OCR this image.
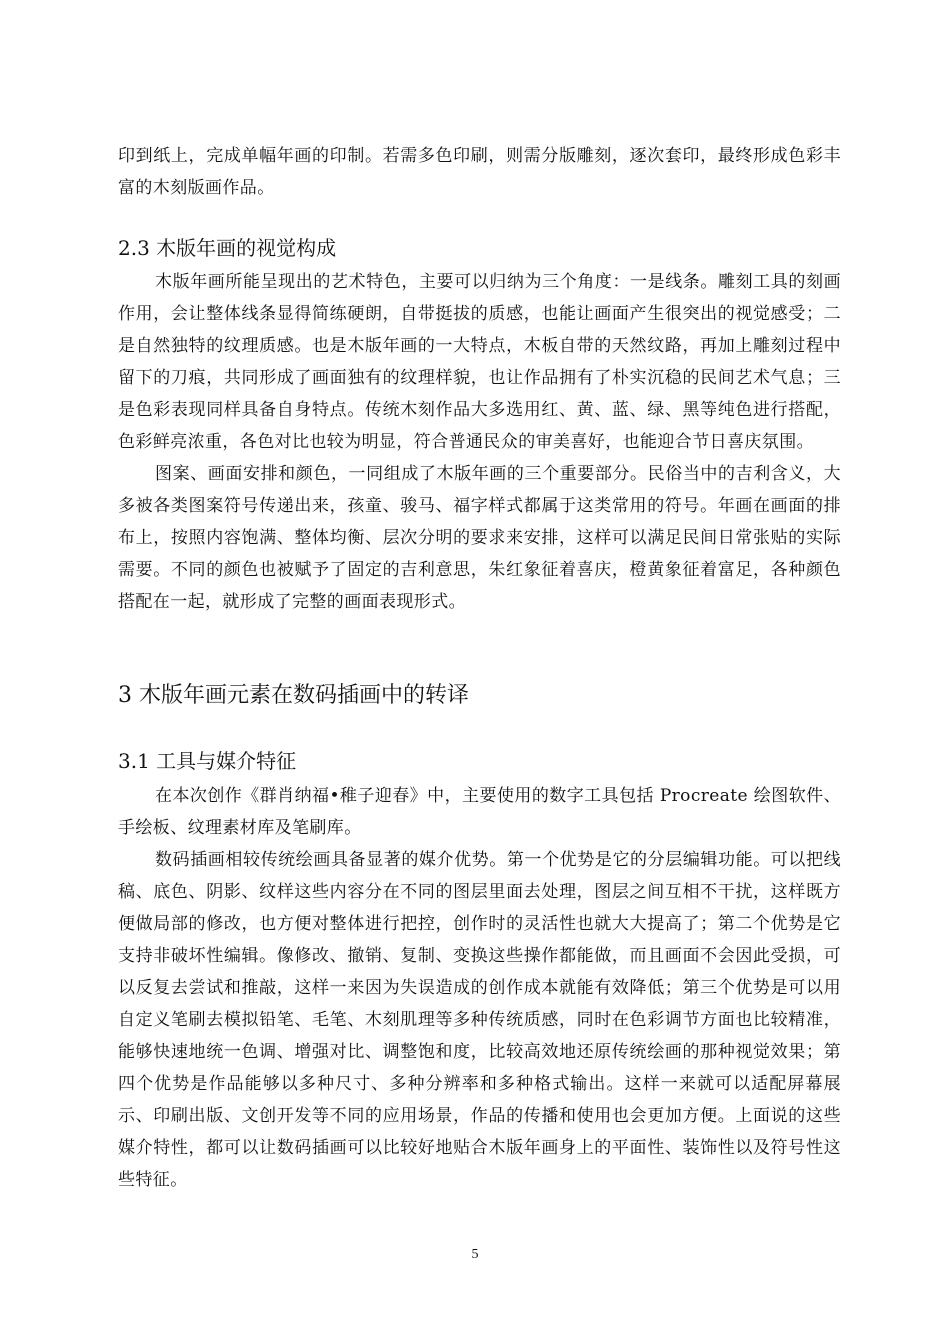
印到纸上，完成单幅年画的印制。若需多色印刷，则需分版雕刻，逐次套印，最终形成色彩丰富的木刻版画作品。

2.3 木版年画的视觉构成

木版年画所能呈现出的艺术特色，主要可以归纳为三个角度：一是线条。雕刻工具的刻画作用，会让整体线条显得简练硬朗，自带挺拔的质感，也能让画面产生很突出的视觉感受；二是自然独特的纹理质感。也是木版年画的一大特点，木板自带的天然纹路，再加上雕刻过程中留下的刀痕，共同形成了画面独有的纹理样貌，也让作品拥有了朴实沉稳的民间艺术气息；三是色彩表现同样具备自身特点。传统木刻作品大多选用红、黄、蓝、绿、黑等纯色进行搭配，色彩鲜亮浓重，各色对比也较为明显，符合普通民众的审美喜好，也能迎合节日喜庆氛围。

图案、画面安排和颜色，一同组成了木版年画的三个重要部分。民俗当中的吉利含义，大多被各类图案符号传递出来，孩童、骏马、福字样式都属于这类常用的符号。年画在画面的排布上，按照内容饱满、整体均衡、层次分明的要求来安排，这样可以满足民间日常张贴的实际需要。不同的颜色也被赋予了固定的吉利意思，朱红象征着喜庆，橙黄象征着富足，各种颜色搭配在一起，就形成了完整的画面表现形式。

3 木版年画元素在数码插画中的转译
3.1 工具与媒介特征

在本次创作《群肖纳福•稚子迎春》中，主要使用的数字工具包括 Procreate 绘图软件、手绘板、纹理素材库及笔刷库。

数码插画相较传统绘画具备显著的媒介优势。第一个优势是它的分层编辑功能。可以把线稿、底色、阴影、纹样这些内容分在不同的图层里面去处理，图层之间互相不干扰，这样既方便做局部的修改，也方便对整体进行把控，创作时的灵活性也就大大提高了；第二个优势是它支持非破坏性编辑。像修改、撤销、复制、变换这些操作都能做，而且画面不会因此受损，可以反复去尝试和推敲，这样一来因为失误造成的创作成本就能有效降低；第三个优势是可以用自定义笔刷去模拟铅笔、毛笔、木刻肌理等多种传统质感，同时在色彩调节方面也比较精准，能够快速地统一色调、增强对比、调整饱和度，比较高效地还原传统绘画的那种视觉效果；第四个优势是作品能够以多种尺寸、多种分辨率和多种格式输出。这样一来就可以适配屏幕展示、印刷出版、文创开发等不同的应用场景，作品的传播和使用也会更加方便。上面说的这些媒介特性，都可以让数码插画可以比较好地贴合木版年画身上的平面性、装饰性以及符号性这些特征。

5
